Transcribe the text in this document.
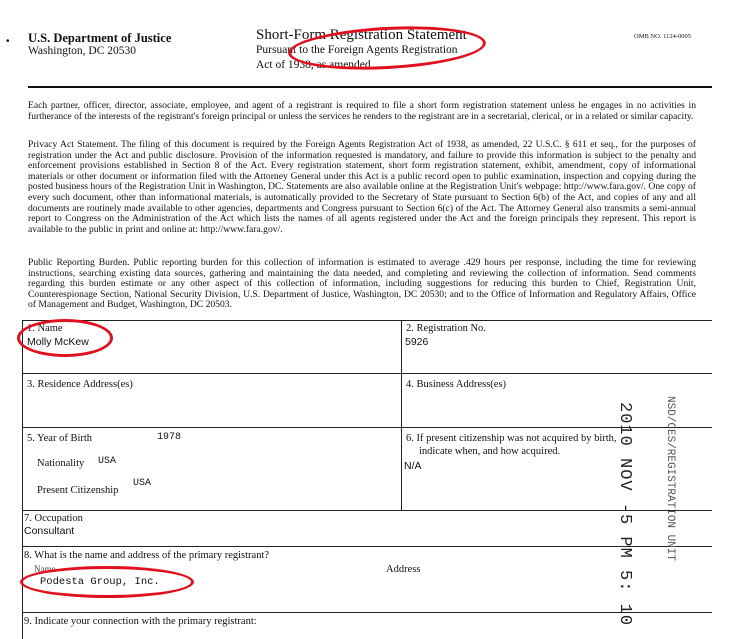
• U.S. Department of Justice
Washington, DC 20530
Short-Form Registration Statement
Pursuant to the Foreign Agents Registration
Act of 1938, as amended
OMB NO. 1124-0005
Each partner, officer, director, associate, employee, and agent of a registrant is required to file a short form registration statement unless he engages in no activities in furtherance of the interests of the registrant's foreign principal or unless the services he renders to the registrant are in a secretarial, clerical, or in a related or similar capacity.
Privacy Act Statement. The filing of this document is required by the Foreign Agents Registration Act of 1938, as amended, 22 U.S.C. § 611 et seq., for the purposes of registration under the Act and public disclosure. Provision of the information requested is mandatory, and failure to provide this information is subject to the penalty and enforcement provisions established in Section 8 of the Act. Every registration statement, short form registration statement, exhibit, amendment, copy of informational materials or other document or information filed with the Attorney General under this Act is a public record open to public examination, inspection and copying during the posted business hours of the Registration Unit in Washington, DC. Statements are also available online at the Registration Unit's webpage: http://www.fara.gov/. One copy of every such document, other than informational materials, is automatically provided to the Secretary of State pursuant to Section 6(b) of the Act, and copies of any and all documents are routinely made available to other agencies, departments and Congress pursuant to Section 6(c) of the Act. The Attorney General also transmits a semi-annual report to Congress on the Administration of the Act which lists the names of all agents registered under the Act and the foreign principals they represent. This report is available to the public in print and online at: http://www.fara.gov/.
Public Reporting Burden. Public reporting burden for this collection of information is estimated to average .429 hours per response, including the time for reviewing instructions, searching existing data sources, gathering and maintaining the data needed, and completing and reviewing the collection of information. Send comments regarding this burden estimate or any other aspect of this collection of information, including suggestions for reducing this burden to Chief, Registration Unit, Counterespionage Section, National Security Division, U.S. Department of Justice, Washington, DC 20530; and to the Office of Information and Regulatory Affairs, Office of Management and Budget, Washington, DC 20503.
1. Name
Molly McKew
2. Registration No.
5926
3. Residence Address(es)	4. Business Address(es)
5. Year of Birth	1978
Nationality USA
Present Citizenship
USA
6. If present citizenship was not acquired by birth,
indicate when, and how acquired.
N/A
7. Occupation
Consultant
8. What is the name and address of the primary registrant?
Name	Address
Podesta Group, Inc.
9. Indicate your connection with the primary registrant:	2010 NOV -5 PM 5: 10	NSD/CES/REGISTRATION UNIT
